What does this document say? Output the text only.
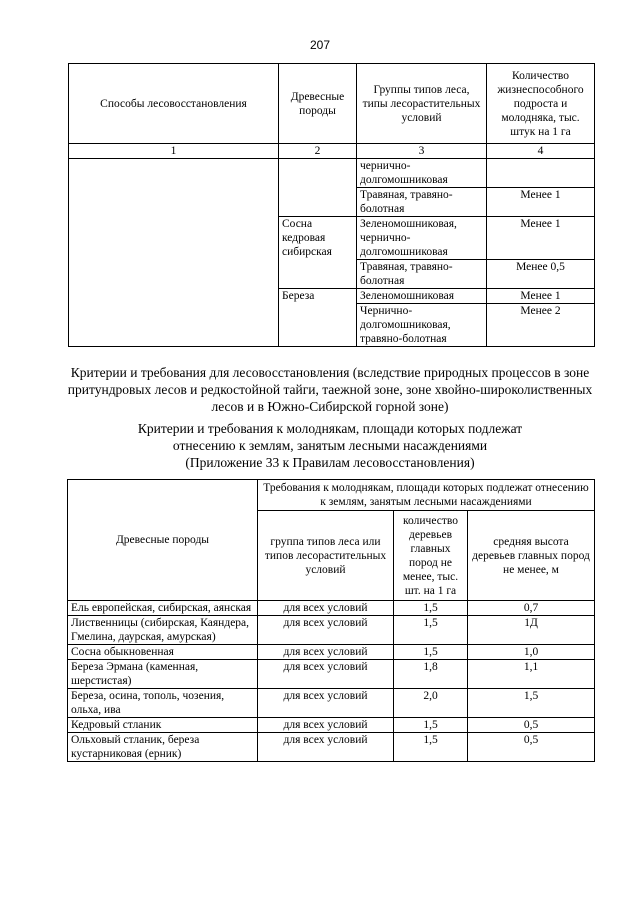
207
Способы лесовосстановления	Древесные породы	Группы типов леса, типы лесорастительных условий	Количество жизнеспособного подроста и молодняка, тыс. штук на 1 га
1	2	3	4
		чернично-долгомошниковая	
		Травяная, травяно-болотная	Менее 1
	Сосна кедровая сибирская	Зеленомошниковая, чернично-долгомошниковая	Менее 1
		Травяная, травяно-болотная	Менее 0,5
	Береза	Зеленомошниковая	Менее 1
		Чернично-долгомошниковая, травяно-болотная	Менее 2
Критерии и требования для лесовосстановления (вследствие природных процессов в зоне притундровых лесов и редкостойной тайги, таежной зоне, зоне хвойно-широколиственных лесов и в Южно-Сибирской горной зоне)
Критерии и требования к молоднякам, площади которых подлежат
отнесению к землям, занятым лесными насаждениями
(Приложение 33 к Правилам лесовосстановления)
Древесные породы	Требования к молоднякам, площади которых подлежат отнесению к землям, занятым лесными насаждениями		
	группа типов леса или типов лесорастительных условий	количество деревьев главных пород не менее, тыс. шт. на 1 га	средняя высота деревьев главных пород не менее, м
Ель европейская, сибирская, аянская	для всех условий	1,5	0,7
Лиственницы (сибирская, Каяндера, Гмелина, даурская, амурская)	для всех условий	1,5	1Д
Сосна обыкновенная	для всех условий	1,5	1,0
Береза Эрмана (каменная, шерстистая)	для всех условий	1,8	1,1
Береза, осина, тополь, чозения, ольха, ива	для всех условий	2,0	1,5
Кедровый стланик	для всех условий	1,5	0,5
Ольховый стланик, береза кустарниковая (ерник)	для всех условий	1,5	0,5
